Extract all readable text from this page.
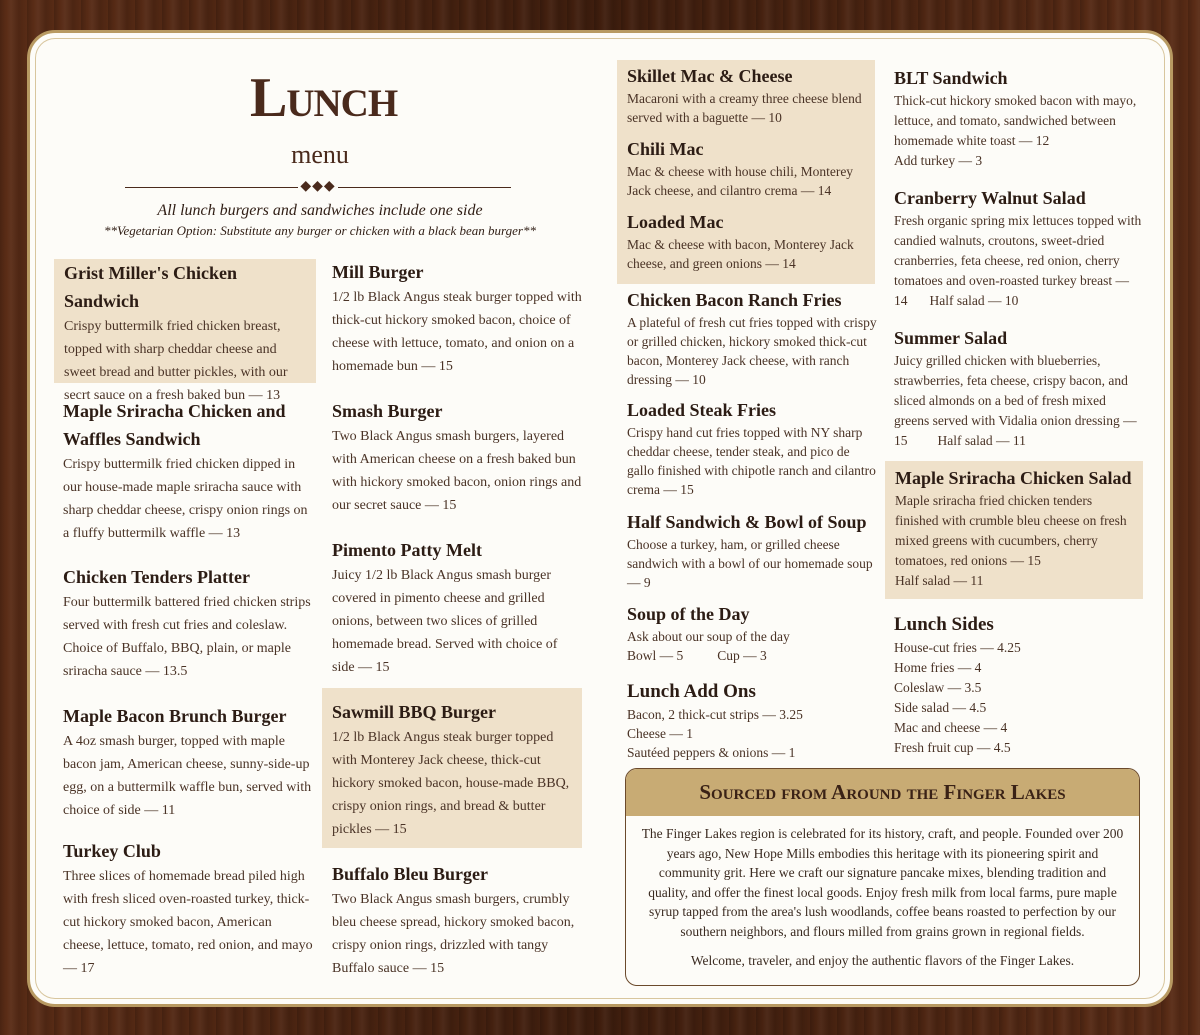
Lunch
menu
◆◆◆
All lunch burgers and sandwiches include one side
**Vegetarian Option: Substitute any burger or chicken with a black bean burger**
Grist Miller's Chicken Sandwich

Crispy buttermilk fried chicken breast, topped with sharp cheddar cheese and sweet bread and butter pickles, with our secrt sauce on a fresh baked bun — 13

Maple Sriracha Chicken and Waffles Sandwich

Crispy buttermilk fried chicken dipped in our house-made maple sriracha sauce with sharp cheddar cheese, crispy onion rings on a fluffy buttermilk waffle — 13

Chicken Tenders Platter

Four buttermilk battered fried chicken strips served with fresh cut fries and coleslaw. Choice of Buffalo, BBQ, plain, or maple sriracha sauce — 13.5

Maple Bacon Brunch Burger

A 4oz smash burger, topped with maple bacon jam, American cheese, sunny-side-up egg, on a buttermilk waffle bun, served with choice of side — 11

Turkey Club

Three slices of homemade bread piled high with fresh sliced oven-roasted turkey, thick-cut hickory smoked bacon, American cheese, lettuce, tomato, red onion, and mayo — 17

Mill Burger

1/2 lb Black Angus steak burger topped with thick-cut hickory smoked bacon, choice of cheese with lettuce, tomato, and onion on a homemade bun — 15

Smash Burger

Two Black Angus smash burgers, layered with American cheese on a fresh baked bun with hickory smoked bacon, onion rings and our secret sauce — 15

Pimento Patty Melt

Juicy 1/2 lb Black Angus smash burger covered in pimento cheese and grilled onions, between two slices of grilled homemade bread. Served with choice of side — 15

Sawmill BBQ Burger

1/2 lb Black Angus steak burger topped with Monterey Jack cheese, thick-cut hickory smoked bacon, house-made BBQ, crispy onion rings, and bread & butter pickles — 15

Buffalo Bleu Burger

Two Black Angus smash burgers, crumbly bleu cheese spread, hickory smoked bacon, crispy onion rings, drizzled with tangy Buffalo sauce — 15

Skillet Mac & Cheese

Macaroni with a creamy three cheese blend served with a baguette — 10

Chili Mac

Mac & cheese with house chili, Monterey Jack cheese, and cilantro crema — 14

Loaded Mac

Mac & cheese with bacon, Monterey Jack cheese, and green onions — 14

Chicken Bacon Ranch Fries

A plateful of fresh cut fries topped with crispy or grilled chicken, hickory smoked thick-cut bacon, Monterey Jack cheese, with ranch dressing — 10

Loaded Steak Fries

Crispy hand cut fries topped with NY sharp cheddar cheese, tender steak, and pico de gallo finished with chipotle ranch and cilantro crema — 15

Half Sandwich & Bowl of Soup

Choose a turkey, ham, or grilled cheese sandwich with a bowl of our homemade soup — 9

Soup of the Day

Ask about our soup of the day

Bowl — 5	Cup — 3

Lunch Add Ons

Bacon, 2 thick-cut strips — 3.25

Cheese — 1

Sautéed peppers & onions — 1

BLT Sandwich

Thick-cut hickory smoked bacon with mayo, lettuce, and tomato, sandwiched between homemade white toast — 12

Add turkey — 3

Cranberry Walnut Salad

Fresh organic spring mix lettuces topped with candied walnuts, croutons, sweet-dried cranberries, feta cheese, red onion, cherry tomatoes and oven-roasted turkey breast — 14 Half salad — 10

Summer Salad

Juicy grilled chicken with blueberries, strawberries, feta cheese, crispy bacon, and sliced almonds on a bed of fresh mixed greens served with Vidalia onion dressing — 15 Half salad — 11

Maple Sriracha Chicken Salad

Maple sriracha fried chicken tenders finished with crumble bleu cheese on fresh mixed greens with cucumbers, cherry tomatoes, red onions — 15

Half salad — 11

Lunch Sides

House-cut fries — 4.25

Home fries — 4

Coleslaw — 3.5

Side salad — 4.5

Mac and cheese — 4

Fresh fruit cup — 4.5

Sourced from Around the Finger Lakes
The Finger Lakes region is celebrated for its history, craft, and people. Founded over 200 years ago, New Hope Mills embodies this heritage with its pioneering spirit and community grit. Here we craft our signature pancake mixes, blending tradition and quality, and offer the finest local goods. Enjoy fresh milk from local farms, pure maple syrup tapped from the area's lush woodlands, coffee beans roasted to perfection by our southern neighbors, and flours milled from grains grown in regional fields.
Welcome, traveler, and enjoy the authentic flavors of the Finger Lakes.
